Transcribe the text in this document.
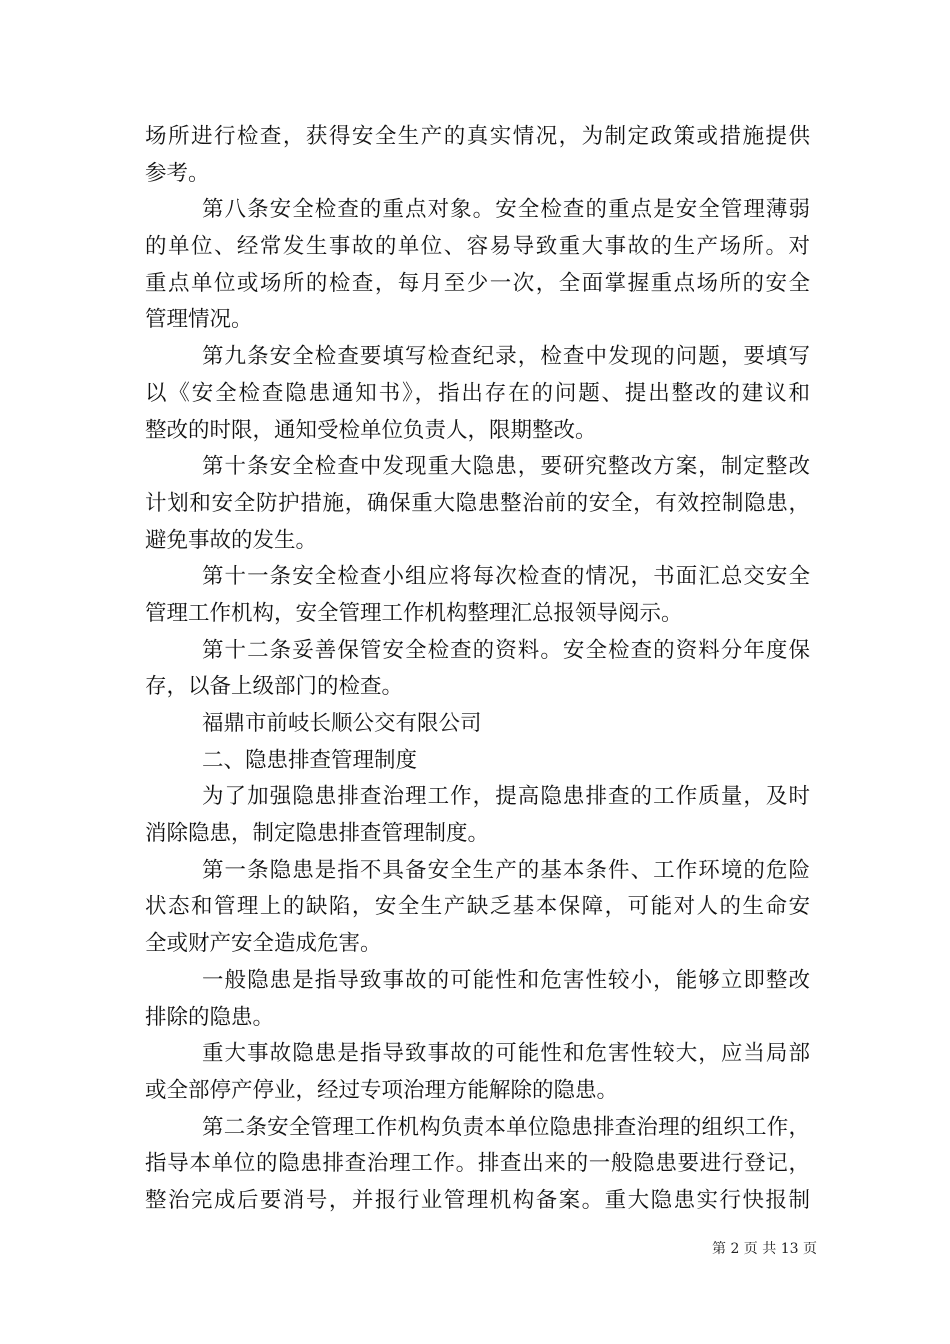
场所进行检查，获得安全生产的真实情况，为制定政策或措施提供
参考。
第八条安全检查的重点对象。安全检查的重点是安全管理薄弱
的单位、经常发生事故的单位、容易导致重大事故的生产场所。对
重点单位或场所的检查，每月至少一次，全面掌握重点场所的安全
管理情况。
第九条安全检查要填写检查纪录，检查中发现的问题，要填写
以《安全检查隐患通知书》，指出存在的问题、提出整改的建议和
整改的时限，通知受检单位负责人，限期整改。
第十条安全检查中发现重大隐患，要研究整改方案，制定整改
计划和安全防护措施，确保重大隐患整治前的安全，有效控制隐患，
避免事故的发生。
第十一条安全检查小组应将每次检查的情况，书面汇总交安全
管理工作机构，安全管理工作机构整理汇总报领导阅示。
第十二条妥善保管安全检查的资料。安全检查的资料分年度保
存，以备上级部门的检查。
福鼎市前岐长顺公交有限公司
二、隐患排查管理制度
为了加强隐患排查治理工作，提高隐患排查的工作质量，及时
消除隐患，制定隐患排查管理制度。
第一条隐患是指不具备安全生产的基本条件、工作环境的危险
状态和管理上的缺陷，安全生产缺乏基本保障，可能对人的生命安
全或财产安全造成危害。
一般隐患是指导致事故的可能性和危害性较小，能够立即整改
排除的隐患。
重大事故隐患是指导致事故的可能性和危害性较大，应当局部
或全部停产停业，经过专项治理方能解除的隐患。
第二条安全管理工作机构负责本单位隐患排查治理的组织工作，
指导本单位的隐患排查治理工作。排查出来的一般隐患要进行登记，
整治完成后要消号，并报行业管理机构备案。重大隐患实行快报制
第 2 页 共 13 页
